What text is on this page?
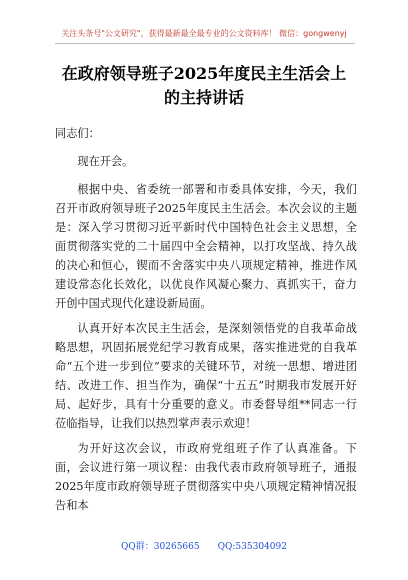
关注头条号"公文研究"，获得最新最全最专业的公文资料库！ 微信：gongwenyj
在政府领导班子2025年度民主生活会上
的主持讲话

同志们：

现在开会。

根据中央、省委统一部署和市委具体安排，今天，我们召开市政府领导班子2025年度民主生活会。本次会议的主题是：深入学习贯彻习近平新时代中国特色社会主义思想，全面贯彻落实党的二十届四中全会精神，以打攻坚战、持久战的决心和恒心，锲而不舍落实中央八项规定精神，推进作风建设常态化长效化，以优良作风凝心聚力、真抓实干，奋力开创中国式现代化建设新局面。

认真开好本次民主生活会，是深刻领悟党的自我革命战略思想，巩固拓展党纪学习教育成果，落实推进党的自我革命“五个进一步到位”要求的关键环节，对统一思想、增进团结、改进工作、担当作为，确保“十五五”时期我市发展开好局、起好步，具有十分重要的意义。市委督导组**同志一行莅临指导，让我们以热烈掌声表示欢迎！

为开好这次会议，市政府党组班子作了认真准备。下面，会议进行第一项议程：由我代表市政府领导班子，通报2025年度市政府领导班子贯彻落实中央八项规定精神情况报告和本

QQ群：30265665 QQ:535304092
